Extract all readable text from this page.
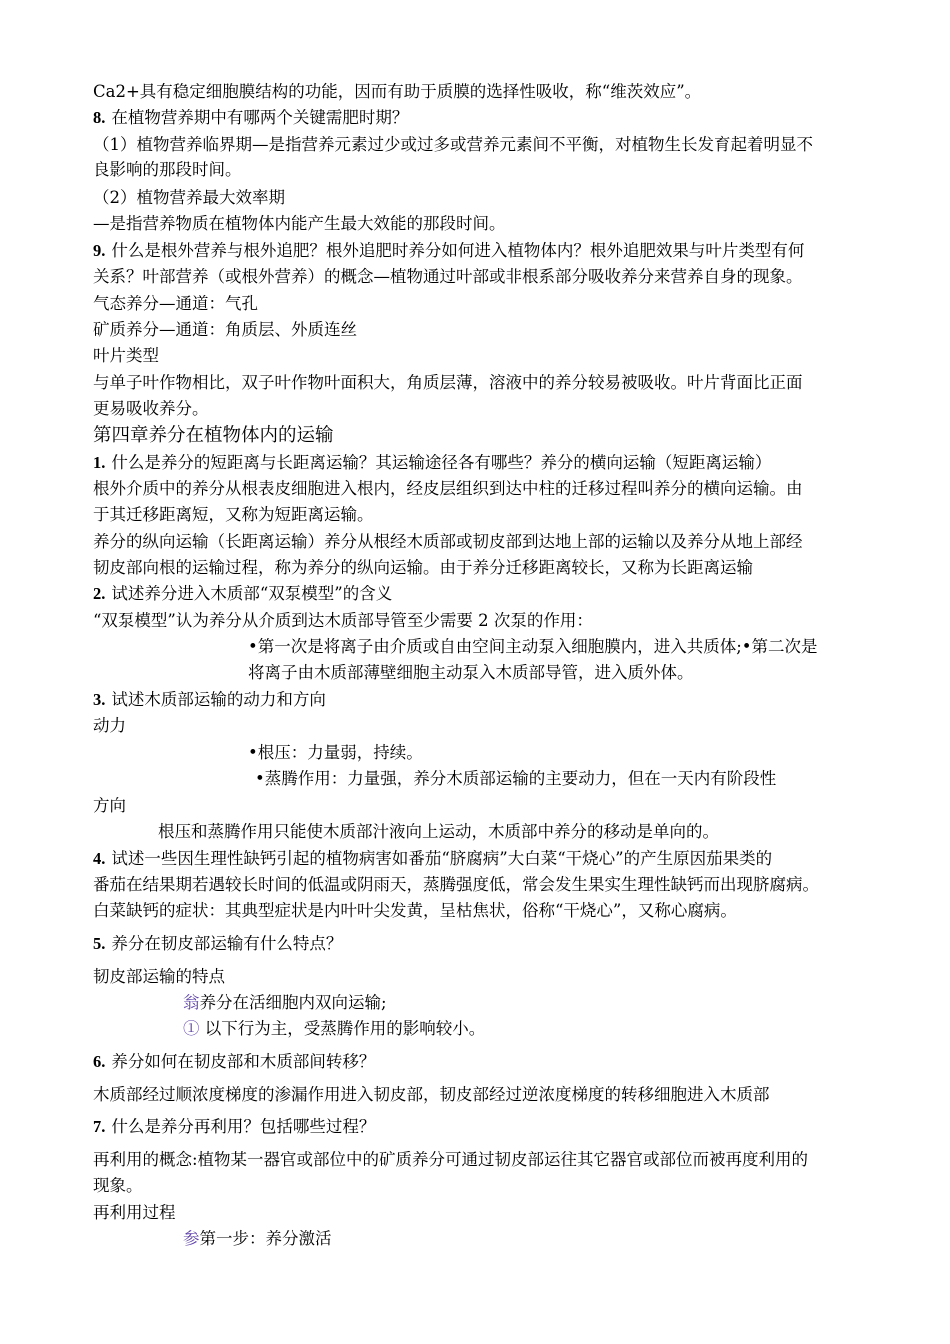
Ca2+具有稳定细胞膜结构的功能，因而有助于质膜的选择性吸收，称“维茨效应”。
8. 在植物营养期中有哪两个关键需肥时期？
（1）植物营养临界期—是指营养元素过少或过多或营养元素间不平衡，对植物生长发育起着明显不
良影响的那段时间。
（2）植物营养最大效率期
—是指营养物质在植物体内能产生最大效能的那段时间。
9. 什么是根外营养与根外追肥？根外追肥时养分如何进入植物体内？根外追肥效果与叶片类型有何
关系？叶部营养（或根外营养）的概念—植物通过叶部或非根系部分吸收养分来营养自身的现象。
气态养分—通道：气孔
矿质养分—通道：角质层、外质连丝
叶片类型
与单子叶作物相比，双子叶作物叶面积大，角质层薄，溶液中的养分较易被吸收。叶片背面比正面
更易吸收养分。
第四章养分在植物体内的运输
1. 什么是养分的短距离与长距离运输？其运输途径各有哪些？养分的横向运输（短距离运输）
根外介质中的养分从根表皮细胞进入根内，经皮层组织到达中柱的迁移过程叫养分的横向运输。由
于其迁移距离短，又称为短距离运输。
养分的纵向运输（长距离运输）养分从根经木质部或韧皮部到达地上部的运输以及养分从地上部经
韧皮部向根的运输过程，称为养分的纵向运输。由于养分迁移距离较长，又称为长距离运输
2. 试述养分进入木质部“双泵模型”的含义
“双泵模型”认为养分从介质到达木质部导管至少需要 2 次泵的作用：
•第一次是将离子由介质或自由空间主动泵入细胞膜内，进入共质体;•第二次是
将离子由木质部薄壁细胞主动泵入木质部导管，进入质外体。
3. 试述木质部运输的动力和方向
动力
•根压：力量弱，持续。
•蒸腾作用：力量强，养分木质部运输的主要动力，但在一天内有阶段性
方向
根压和蒸腾作用只能使木质部汁液向上运动，木质部中养分的移动是单向的。
4. 试述一些因生理性缺钙引起的植物病害如番茄“脐腐病”大白菜“干烧心”的产生原因茄果类的
番茄在结果期若遇较长时间的低温或阴雨天，蒸腾强度低，常会发生果实生理性缺钙而出现脐腐病。
白菜缺钙的症状：其典型症状是内叶叶尖发黄，呈枯焦状，俗称“干烧心”，又称心腐病。
5. 养分在韧皮部运输有什么特点？
韧皮部运输的特点
翁养分在活细胞内双向运输;
① 以下行为主，受蒸腾作用的影响较小。
6. 养分如何在韧皮部和木质部间转移？
木质部经过顺浓度梯度的渗漏作用进入韧皮部，韧皮部经过逆浓度梯度的转移细胞进入木质部
7. 什么是养分再利用？包括哪些过程？
再利用的概念:植物某一器官或部位中的矿质养分可通过韧皮部运往其它器官或部位而被再度利用的
现象。
再利用过程
参第一步：养分激活
